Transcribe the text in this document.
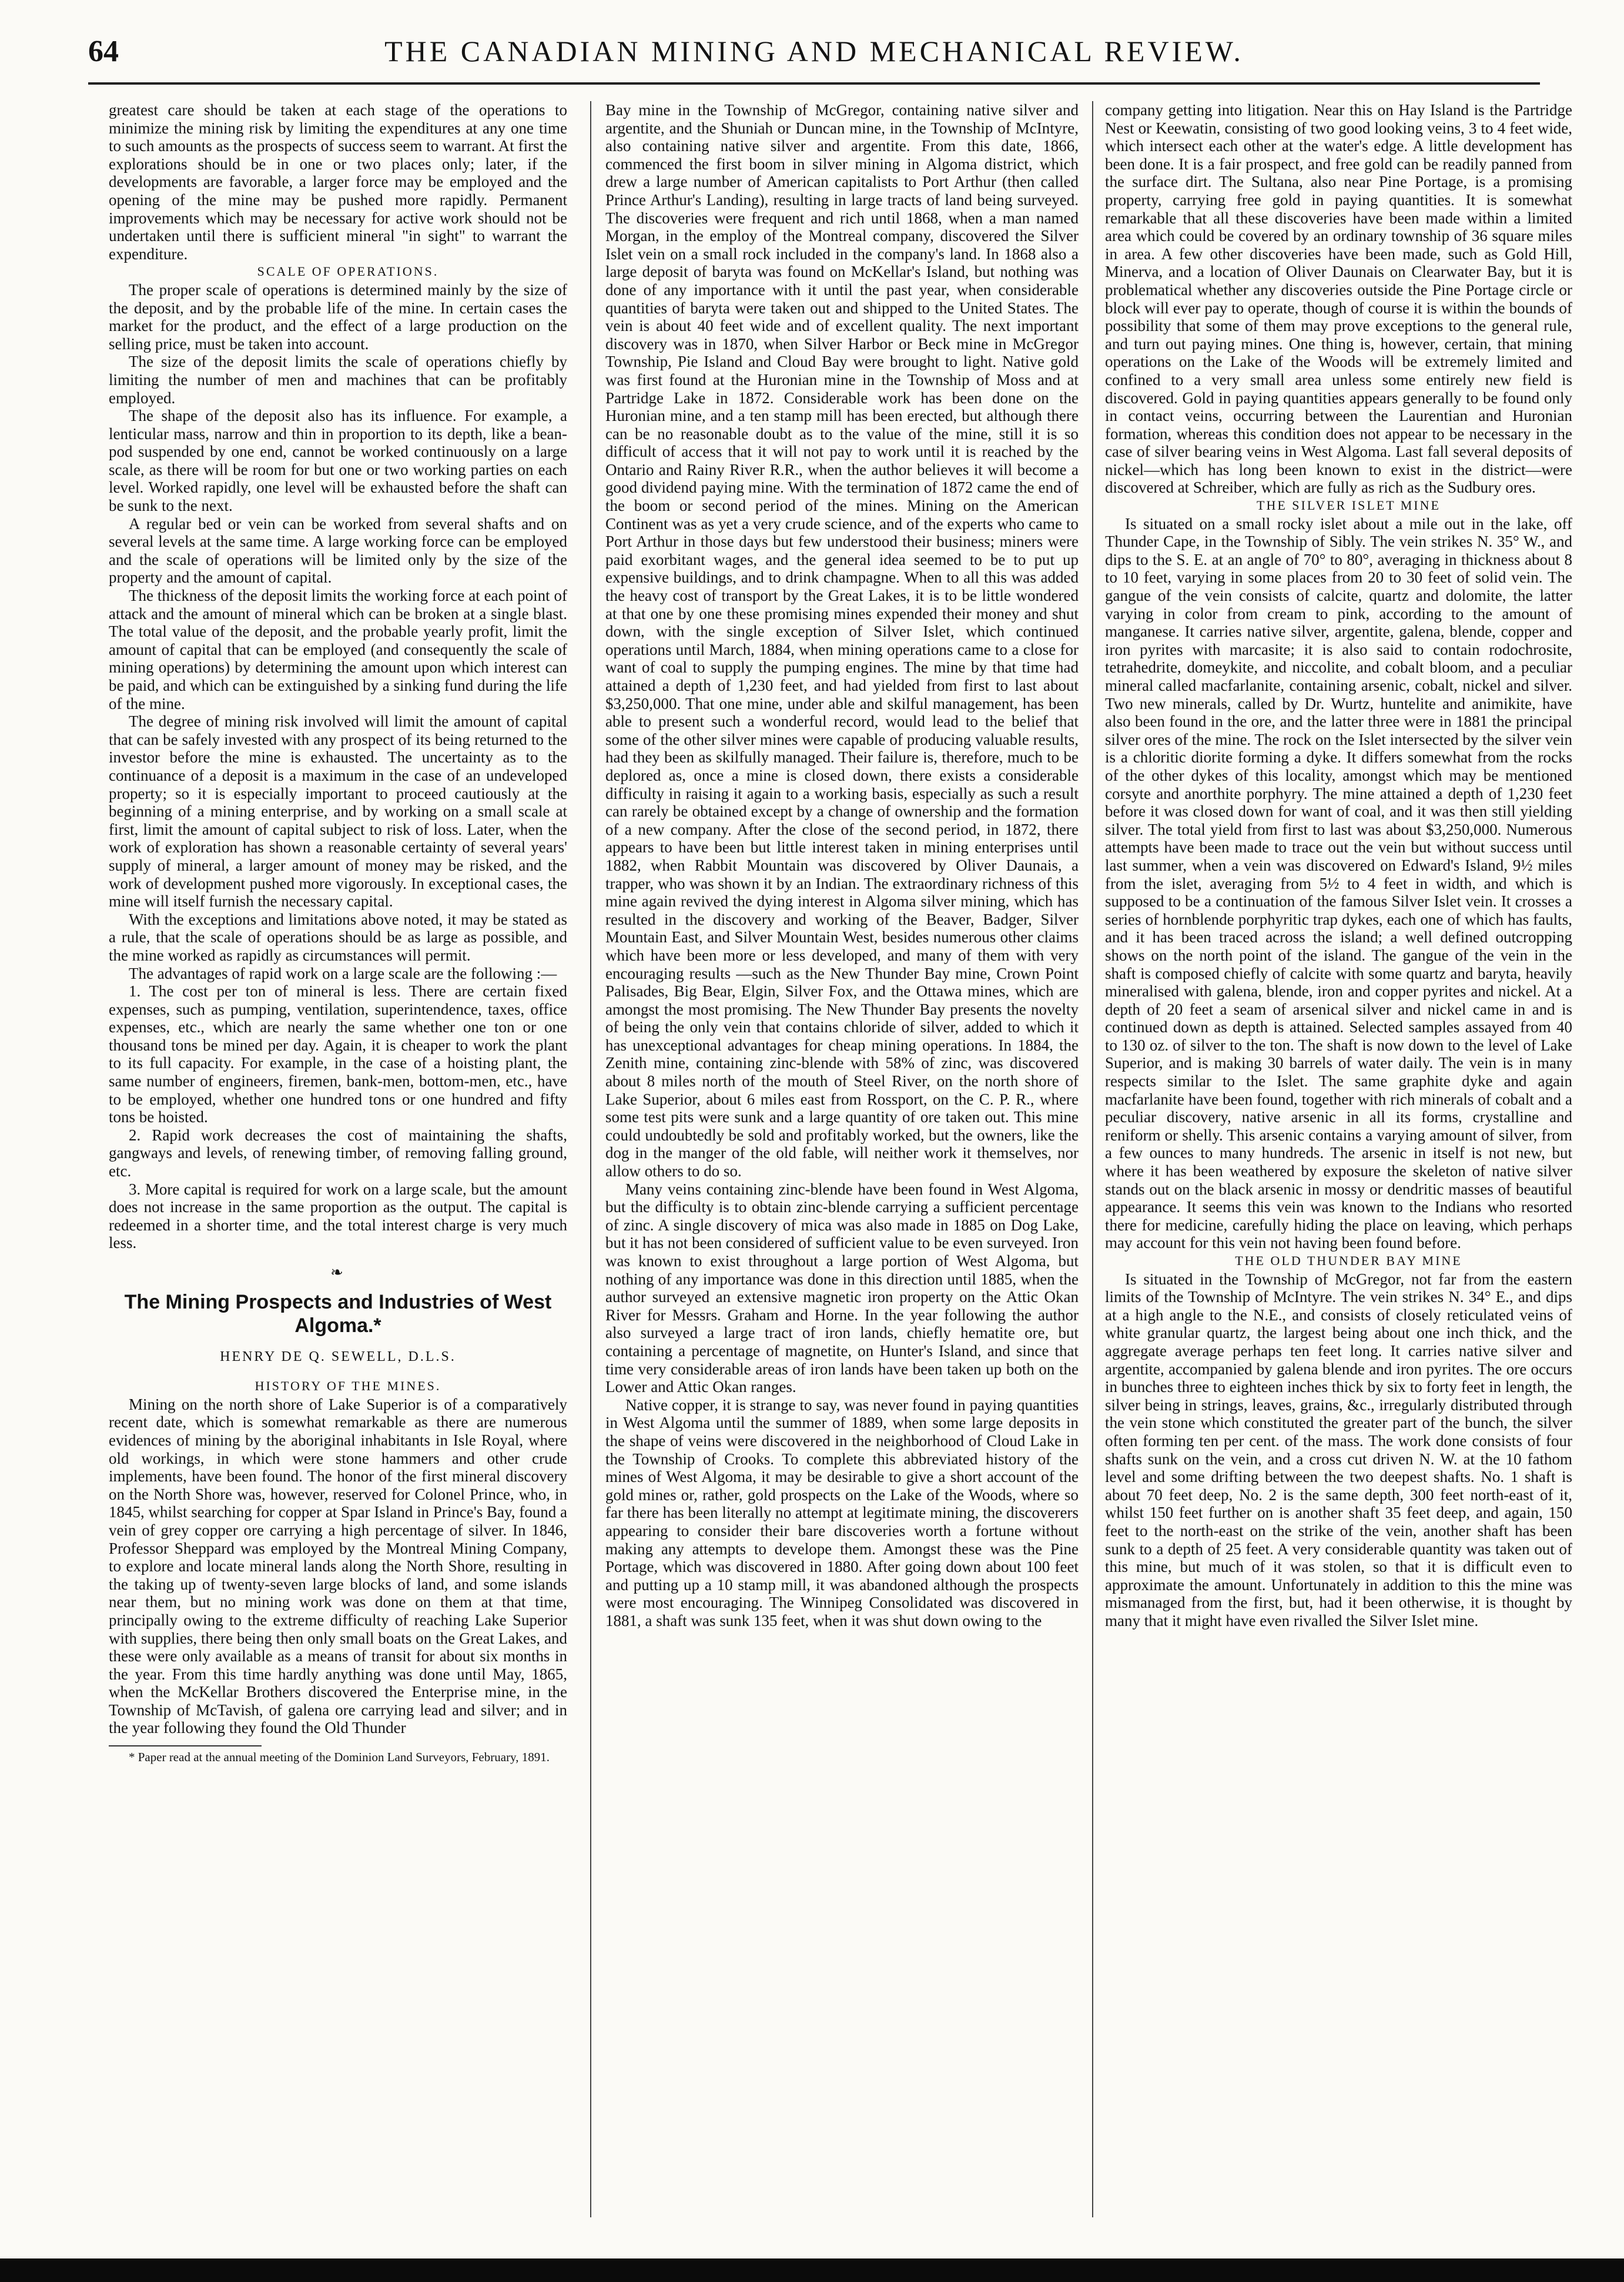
64	THE CANADIAN MINING AND MECHANICAL REVIEW.

greatest care should be taken at each stage of the operations to minimize the mining risk by limiting the expenditures at any one time to such amounts as the prospects of success seem to warrant. At first the explorations should be in one or two places only; later, if the developments are favorable, a larger force may be employed and the opening of the mine may be pushed more rapidly. Permanent improvements which may be necessary for active work should not be undertaken until there is sufficient mineral "in sight" to warrant the expenditure.

SCALE OF OPERATIONS.

The proper scale of operations is determined mainly by the size of the deposit, and by the probable life of the mine. In certain cases the market for the product, and the effect of a large production on the selling price, must be taken into account.

The size of the deposit limits the scale of operations chiefly by limiting the number of men and machines that can be profitably employed.

The shape of the deposit also has its influence. For example, a lenticular mass, narrow and thin in proportion to its depth, like a bean-pod suspended by one end, cannot be worked continuously on a large scale, as there will be room for but one or two working parties on each level. Worked rapidly, one level will be exhausted before the shaft can be sunk to the next.

A regular bed or vein can be worked from several shafts and on several levels at the same time. A large working force can be employed and the scale of operations will be limited only by the size of the property and the amount of capital.

The thickness of the deposit limits the working force at each point of attack and the amount of mineral which can be broken at a single blast. The total value of the deposit, and the probable yearly profit, limit the amount of capital that can be employed (and consequently the scale of mining operations) by determining the amount upon which interest can be paid, and which can be extinguished by a sinking fund during the life of the mine.

The degree of mining risk involved will limit the amount of capital that can be safely invested with any prospect of its being returned to the investor before the mine is exhausted. The uncertainty as to the continuance of a deposit is a maximum in the case of an undeveloped property; so it is especially important to proceed cautiously at the beginning of a mining enterprise, and by working on a small scale at first, limit the amount of capital subject to risk of loss. Later, when the work of exploration has shown a reasonable certainty of several years' supply of mineral, a larger amount of money may be risked, and the work of development pushed more vigorously. In exceptional cases, the mine will itself furnish the necessary capital.

With the exceptions and limitations above noted, it may be stated as a rule, that the scale of operations should be as large as possible, and the mine worked as rapidly as circumstances will permit.

The advantages of rapid work on a large scale are the following :—

1. The cost per ton of mineral is less. There are certain fixed expenses, such as pumping, ventilation, superintendence, taxes, office expenses, etc., which are nearly the same whether one ton or one thousand tons be mined per day. Again, it is cheaper to work the plant to its full capacity. For example, in the case of a hoisting plant, the same number of engineers, firemen, bank-men, bottom-men, etc., have to be employed, whether one hundred tons or one hundred and fifty tons be hoisted.

2. Rapid work decreases the cost of maintaining the shafts, gangways and levels, of renewing timber, of removing falling ground, etc.

3. More capital is required for work on a large scale, but the amount does not increase in the same proportion as the output. The capital is redeemed in a shorter time, and the total interest charge is very much less.

❧
The Mining Prospects and Industries of West Algoma.*
HENRY DE Q. SEWELL, D.L.S.

HISTORY OF THE MINES.

Mining on the north shore of Lake Superior is of a comparatively recent date, which is somewhat remarkable as there are numerous evidences of mining by the aboriginal inhabitants in Isle Royal, where old workings, in which were stone hammers and other crude implements, have been found. The honor of the first mineral discovery on the North Shore was, however, reserved for Colonel Prince, who, in 1845, whilst searching for copper at Spar Island in Prince's Bay, found a vein of grey copper ore carrying a high percentage of silver. In 1846, Professor Sheppard was employed by the Montreal Mining Company, to explore and locate mineral lands along the North Shore, resulting in the taking up of twenty-seven large blocks of land, and some islands near them, but no mining work was done on them at that time, principally owing to the extreme difficulty of reaching Lake Superior with supplies, there being then only small boats on the Great Lakes, and these were only available as a means of transit for about six months in the year. From this time hardly anything was done until May, 1865, when the McKellar Brothers discovered the Enterprise mine, in the Township of McTavish, of galena ore carrying lead and silver; and in the year following they found the Old Thunder

* Paper read at the annual meeting of the Dominion Land Surveyors, February, 1891.

Bay mine in the Township of McGregor, containing native silver and argentite, and the Shuniah or Duncan mine, in the Township of McIntyre, also containing native silver and argentite. From this date, 1866, commenced the first boom in silver mining in Algoma district, which drew a large number of American capitalists to Port Arthur (then called Prince Arthur's Landing), resulting in large tracts of land being surveyed. The discoveries were frequent and rich until 1868, when a man named Morgan, in the employ of the Montreal company, discovered the Silver Islet vein on a small rock included in the company's land. In 1868 also a large deposit of baryta was found on McKellar's Island, but nothing was done of any importance with it until the past year, when considerable quantities of baryta were taken out and shipped to the United States. The vein is about 40 feet wide and of excellent quality. The next important discovery was in 1870, when Silver Harbor or Beck mine in McGregor Township, Pie Island and Cloud Bay were brought to light. Native gold was first found at the Huronian mine in the Township of Moss and at Partridge Lake in 1872. Considerable work has been done on the Huronian mine, and a ten stamp mill has been erected, but although there can be no reasonable doubt as to the value of the mine, still it is so difficult of access that it will not pay to work until it is reached by the Ontario and Rainy River R.R., when the author believes it will become a good dividend paying mine. With the termination of 1872 came the end of the boom or second period of the mines. Mining on the American Continent was as yet a very crude science, and of the experts who came to Port Arthur in those days but few understood their business; miners were paid exorbitant wages, and the general idea seemed to be to put up expensive buildings, and to drink champagne. When to all this was added the heavy cost of transport by the Great Lakes, it is to be little wondered at that one by one these promising mines expended their money and shut down, with the single exception of Silver Islet, which continued operations until March, 1884, when mining operations came to a close for want of coal to supply the pumping engines. The mine by that time had attained a depth of 1,230 feet, and had yielded from first to last about $3,250,000. That one mine, under able and skilful management, has been able to present such a wonderful record, would lead to the belief that some of the other silver mines were capable of producing valuable results, had they been as skilfully managed. Their failure is, therefore, much to be deplored as, once a mine is closed down, there exists a considerable difficulty in raising it again to a working basis, especially as such a result can rarely be obtained except by a change of ownership and the formation of a new company. After the close of the second period, in 1872, there appears to have been but little interest taken in mining enterprises until 1882, when Rabbit Mountain was discovered by Oliver Daunais, a trapper, who was shown it by an Indian. The extraordinary richness of this mine again revived the dying interest in Algoma silver mining, which has resulted in the discovery and working of the Beaver, Badger, Silver Mountain East, and Silver Mountain West, besides numerous other claims which have been more or less developed, and many of them with very encouraging results —such as the New Thunder Bay mine, Crown Point Palisades, Big Bear, Elgin, Silver Fox, and the Ottawa mines, which are amongst the most promising. The New Thunder Bay presents the novelty of being the only vein that contains chloride of silver, added to which it has unexceptional advantages for cheap mining operations. In 1884, the Zenith mine, containing zinc-blende with 58% of zinc, was discovered about 8 miles north of the mouth of Steel River, on the north shore of Lake Superior, about 6 miles east from Rossport, on the C. P. R., where some test pits were sunk and a large quantity of ore taken out. This mine could undoubtedly be sold and profitably worked, but the owners, like the dog in the manger of the old fable, will neither work it themselves, nor allow others to do so.

Many veins containing zinc-blende have been found in West Algoma, but the difficulty is to obtain zinc-blende carrying a sufficient percentage of zinc. A single discovery of mica was also made in 1885 on Dog Lake, but it has not been considered of sufficient value to be even surveyed. Iron was known to exist throughout a large portion of West Algoma, but nothing of any importance was done in this direction until 1885, when the author surveyed an extensive magnetic iron property on the Attic Okan River for Messrs. Graham and Horne. In the year following the author also surveyed a large tract of iron lands, chiefly hematite ore, but containing a percentage of magnetite, on Hunter's Island, and since that time very considerable areas of iron lands have been taken up both on the Lower and Attic Okan ranges.

Native copper, it is strange to say, was never found in paying quantities in West Algoma until the summer of 1889, when some large deposits in the shape of veins were discovered in the neighborhood of Cloud Lake in the Township of Crooks. To complete this abbreviated history of the mines of West Algoma, it may be desirable to give a short account of the gold mines or, rather, gold prospects on the Lake of the Woods, where so far there has been literally no attempt at legitimate mining, the discoverers appearing to consider their bare discoveries worth a fortune without making any attempts to develope them. Amongst these was the Pine Portage, which was discovered in 1880. After going down about 100 feet and putting up a 10 stamp mill, it was abandoned although the prospects were most encouraging. The Winnipeg Consolidated was discovered in 1881, a shaft was sunk 135 feet, when it was shut down owing to the

company getting into litigation. Near this on Hay Island is the Partridge Nest or Keewatin, consisting of two good looking veins, 3 to 4 feet wide, which intersect each other at the water's edge. A little development has been done. It is a fair prospect, and free gold can be readily panned from the surface dirt. The Sultana, also near Pine Portage, is a promising property, carrying free gold in paying quantities. It is somewhat remarkable that all these discoveries have been made within a limited area which could be covered by an ordinary township of 36 square miles in area. A few other discoveries have been made, such as Gold Hill, Minerva, and a location of Oliver Daunais on Clearwater Bay, but it is problematical whether any discoveries outside the Pine Portage circle or block will ever pay to operate, though of course it is within the bounds of possibility that some of them may prove exceptions to the general rule, and turn out paying mines. One thing is, however, certain, that mining operations on the Lake of the Woods will be extremely limited and confined to a very small area unless some entirely new field is discovered. Gold in paying quantities appears generally to be found only in contact veins, occurring between the Laurentian and Huronian formation, whereas this condition does not appear to be necessary in the case of silver bearing veins in West Algoma. Last fall several deposits of nickel—which has long been known to exist in the district—were discovered at Schreiber, which are fully as rich as the Sudbury ores.

THE SILVER ISLET MINE

Is situated on a small rocky islet about a mile out in the lake, off Thunder Cape, in the Township of Sibly. The vein strikes N. 35° W., and dips to the S. E. at an angle of 70° to 80°, averaging in thickness about 8 to 10 feet, varying in some places from 20 to 30 feet of solid vein. The gangue of the vein consists of calcite, quartz and dolomite, the latter varying in color from cream to pink, according to the amount of manganese. It carries native silver, argentite, galena, blende, copper and iron pyrites with marcasite; it is also said to contain rodochrosite, tetrahedrite, domeykite, and niccolite, and cobalt bloom, and a peculiar mineral called macfarlanite, containing arsenic, cobalt, nickel and silver. Two new minerals, called by Dr. Wurtz, huntelite and animikite, have also been found in the ore, and the latter three were in 1881 the principal silver ores of the mine. The rock on the Islet intersected by the silver vein is a chloritic diorite forming a dyke. It differs somewhat from the rocks of the other dykes of this locality, amongst which may be mentioned corsyte and anorthite porphyry. The mine attained a depth of 1,230 feet before it was closed down for want of coal, and it was then still yielding silver. The total yield from first to last was about $3,250,000. Numerous attempts have been made to trace out the vein but without success until last summer, when a vein was discovered on Edward's Island, 9½ miles from the islet, averaging from 5½ to 4 feet in width, and which is supposed to be a continuation of the famous Silver Islet vein. It crosses a series of hornblende porphyritic trap dykes, each one of which has faults, and it has been traced across the island; a well defined outcropping shows on the north point of the island. The gangue of the vein in the shaft is composed chiefly of calcite with some quartz and baryta, heavily mineralised with galena, blende, iron and copper pyrites and nickel. At a depth of 20 feet a seam of arsenical silver and nickel came in and is continued down as depth is attained. Selected samples assayed from 40 to 130 oz. of silver to the ton. The shaft is now down to the level of Lake Superior, and is making 30 barrels of water daily. The vein is in many respects similar to the Islet. The same graphite dyke and again macfarlanite have been found, together with rich minerals of cobalt and a peculiar discovery, native arsenic in all its forms, crystalline and reniform or shelly. This arsenic contains a varying amount of silver, from a few ounces to many hundreds. The arsenic in itself is not new, but where it has been weathered by exposure the skeleton of native silver stands out on the black arsenic in mossy or dendritic masses of beautiful appearance. It seems this vein was known to the Indians who resorted there for medicine, carefully hiding the place on leaving, which perhaps may account for this vein not having been found before.

THE OLD THUNDER BAY MINE

Is situated in the Township of McGregor, not far from the eastern limits of the Township of McIntyre. The vein strikes N. 34° E., and dips at a high angle to the N.E., and consists of closely reticulated veins of white granular quartz, the largest being about one inch thick, and the aggregate average perhaps ten feet long. It carries native silver and argentite, accompanied by galena blende and iron pyrites. The ore occurs in bunches three to eighteen inches thick by six to forty feet in length, the silver being in strings, leaves, grains, &c., irregularly distributed through the vein stone which constituted the greater part of the bunch, the silver often forming ten per cent. of the mass. The work done consists of four shafts sunk on the vein, and a cross cut driven N. W. at the 10 fathom level and some drifting between the two deepest shafts. No. 1 shaft is about 70 feet deep, No. 2 is the same depth, 300 feet north-east of it, whilst 150 feet further on is another shaft 35 feet deep, and again, 150 feet to the north-east on the strike of the vein, another shaft has been sunk to a depth of 25 feet. A very considerable quantity was taken out of this mine, but much of it was stolen, so that it is difficult even to approximate the amount. Unfortunately in addition to this the mine was mismanaged from the first, but, had it been otherwise, it is thought by many that it might have even rivalled the Silver Islet mine.
